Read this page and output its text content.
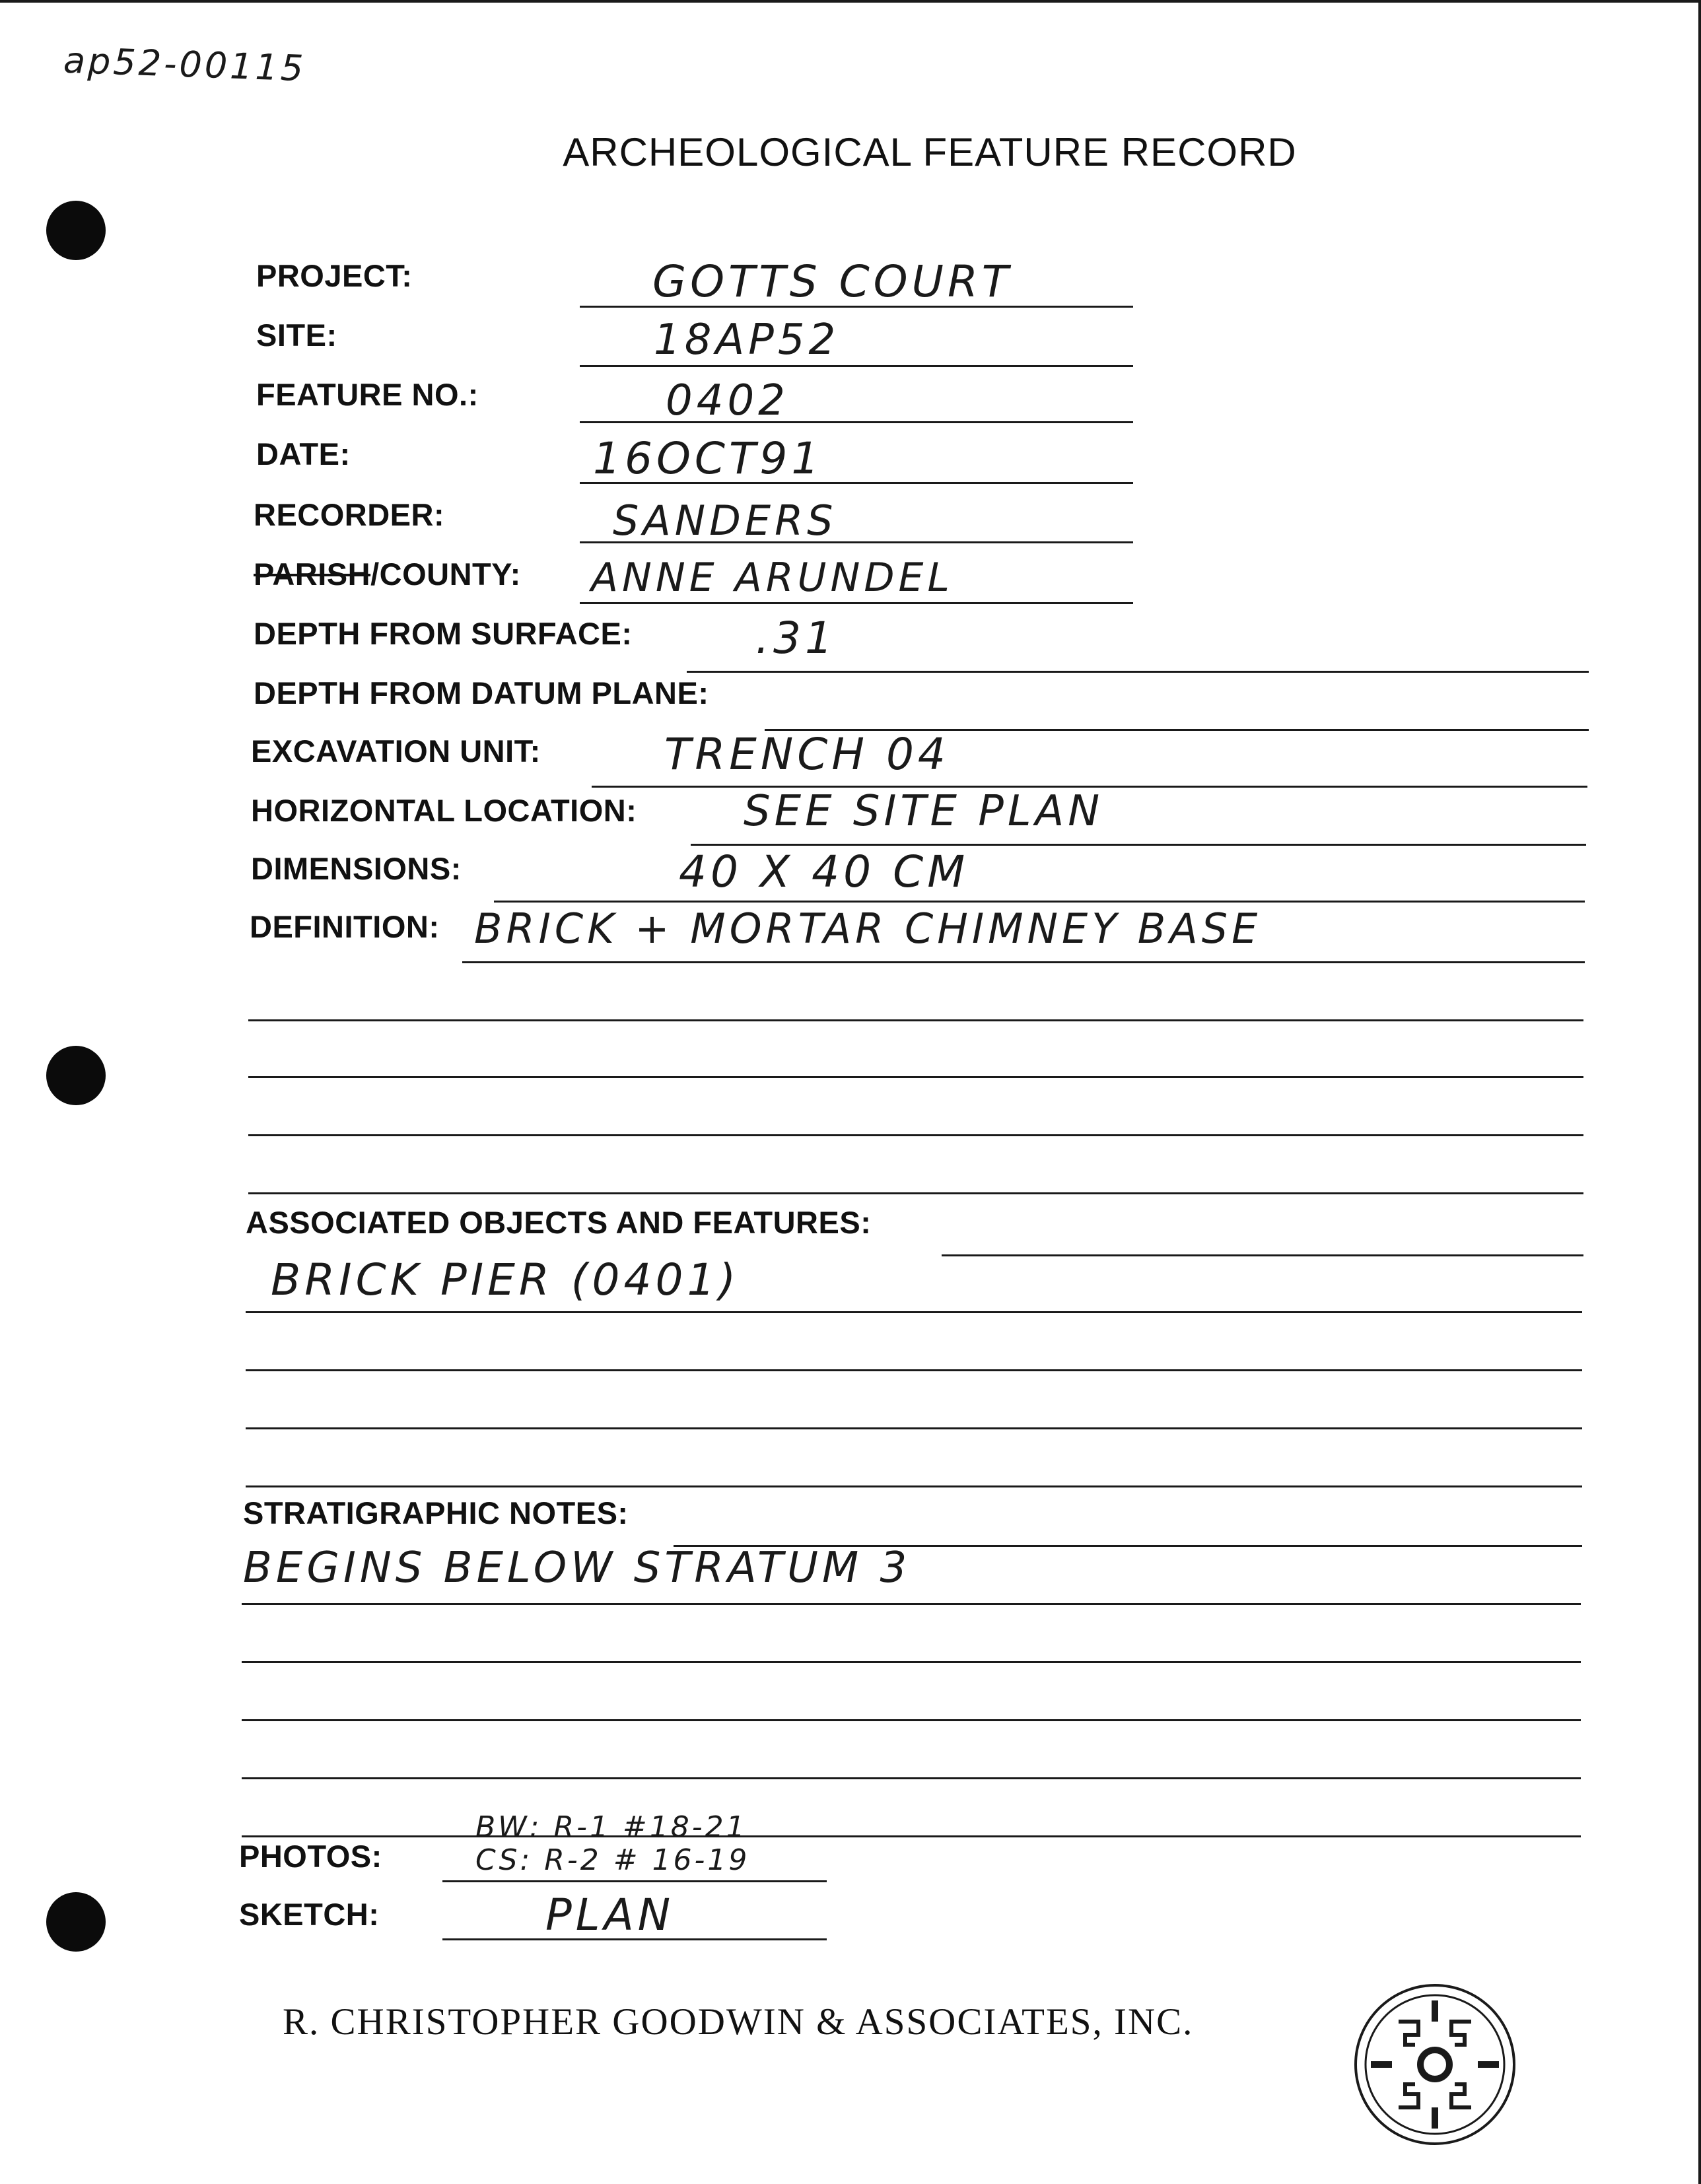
ap52-00115
ARCHEOLOGICAL FEATURE RECORD
PROJECT:	GOTTS COURT
SITE:	18AP52
FEATURE NO.:	0402
DATE:	16OCT91
RECORDER:	SANDERS
PARISH/COUNTY: ANNE ARUNDEL
DEPTH FROM SURFACE:	.31
DEPTH FROM DATUM PLANE:
EXCAVATION UNIT:	TRENCH 04
HORIZONTAL LOCATION:	SEE SITE PLAN
DIMENSIONS:	40 X 40 CM
DEFINITION: BRICK + MORTAR CHIMNEY BASE
ASSOCIATED OBJECTS AND FEATURES:
BRICK PIER (0401)
STRATIGRAPHIC NOTES:
BEGINS BELOW STRATUM 3
PHOTOS:
BW: R-1 #18-21
CS: R-2 # 16-19
SKETCH:	PLAN
R. CHRISTOPHER GOODWIN & ASSOCIATES, INC.
